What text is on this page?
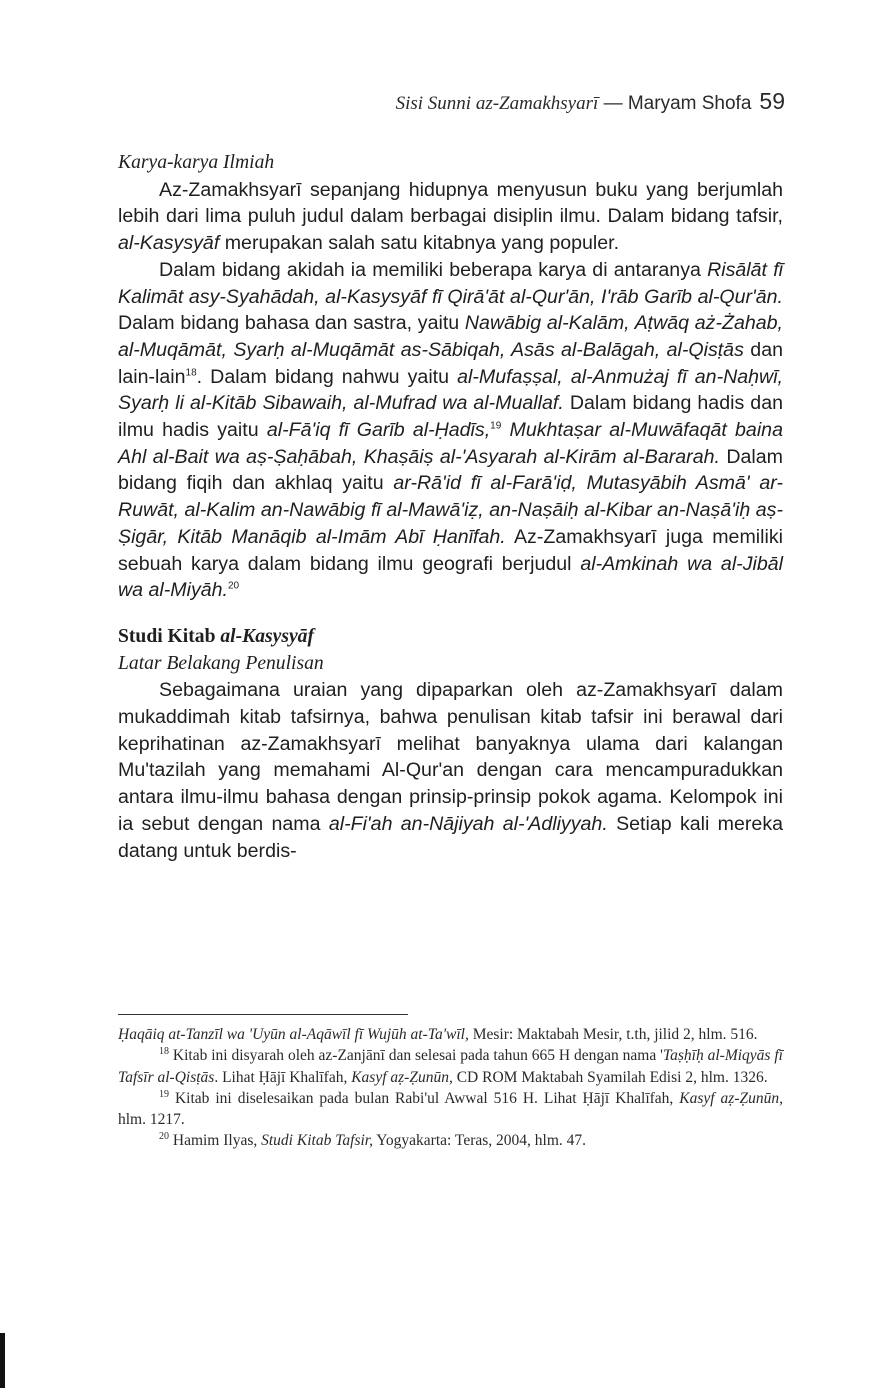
Sisi Sunni az-Zamakhsyarī — Maryam Shofa 59
Karya-karya Ilmiah

Az-Zamakhsyarī sepanjang hidupnya menyusun buku yang berjumlah lebih dari lima puluh judul dalam berbagai disiplin ilmu. Dalam bidang tafsir, al-Kasysyāf merupakan salah satu kitabnya yang populer.

Dalam bidang akidah ia memiliki beberapa karya di antaranya Risālāt fī Kalimāt asy-Syahādah, al-Kasysyāf fī Qirā'āt al-Qur'ān, I'rāb Garīb al-Qur'ān. Dalam bidang bahasa dan sastra, yaitu Nawābig al-Kalām, Aṭwāq aż-Żahab, al-Muqāmāt, Syarḥ al-Muqāmāt as-Sābiqah, Asās al-Balāgah, al-Qisṭās dan lain-lain$^{18}$. Dalam bidang nahwu yaitu al-Mufaṣṣal, al-Anmużaj fī an-Naḥwī, Syarḥ li al-Kitāb Sibawaih, al-Mufrad wa al-Muallaf. Dalam bidang hadis dan ilmu hadis yaitu al-Fā'iq fī Garīb al-Ḥadīs,$^{19}$ Mukhtaṣar al-Muwāfaqāt baina Ahl al-Bait wa aṣ-Ṣaḥābah, Khaṣāiṣ al-'Asyarah al-Kirām al-Bararah. Dalam bidang fiqih dan akhlaq yaitu ar-Rā'id fī al-Farā'iḍ, Mutasyābih Asmā' ar-Ruwāt, al-Kalim an-Nawābig fī al-Mawā'iẓ, an-Naṣāiḥ al-Kibar an-Naṣā'iḥ aṣ-Ṣigār, Kitāb Manāqib al-Imām Abī Ḥanīfah. Az-Zamakhsyarī juga memiliki sebuah karya dalam bidang ilmu geografi berjudul al-Amkinah wa al-Jibāl wa al-Miyāh.$^{20}$

Studi Kitab al-Kasysyāf
Latar Belakang Penulisan

Sebagaimana uraian yang dipaparkan oleh az-Zamakhsyarī dalam mukaddimah kitab tafsirnya, bahwa penulisan kitab tafsir ini berawal dari keprihatinan az-Zamakhsyarī melihat banyaknya ulama dari kalangan Mu'tazilah yang memahami Al-Qur'an dengan cara mencampuradukkan antara ilmu-ilmu bahasa dengan prinsip-prinsip pokok agama. Kelompok ini ia sebut dengan nama al-Fi'ah an-Nājiyah al-'Adliyyah. Setiap kali mereka datang untuk berdis-

Ḥaqāiq at-Tanzīl wa 'Uyūn al-Aqāwīl fī Wujūh at-Ta'wīl, Mesir: Maktabah Mesir, t.th, jilid 2, hlm. 516.

$^{18}$ Kitab ini disyarah oleh az-Zanjānī dan selesai pada tahun 665 H dengan nama 'Taṣḥīḥ al-Miqyās fī Tafsīr al-Qisṭās. Lihat Ḥājī Khalīfah, Kasyf aẓ-Ẓunūn, CD ROM Maktabah Syamilah Edisi 2, hlm. 1326.

$^{19}$ Kitab ini diselesaikan pada bulan Rabi'ul Awwal 516 H. Lihat Ḥājī Khalīfah, Kasyf aẓ-Ẓunūn, hlm. 1217.

$^{20}$ Hamim Ilyas, Studi Kitab Tafsir, Yogyakarta: Teras, 2004, hlm. 47.
